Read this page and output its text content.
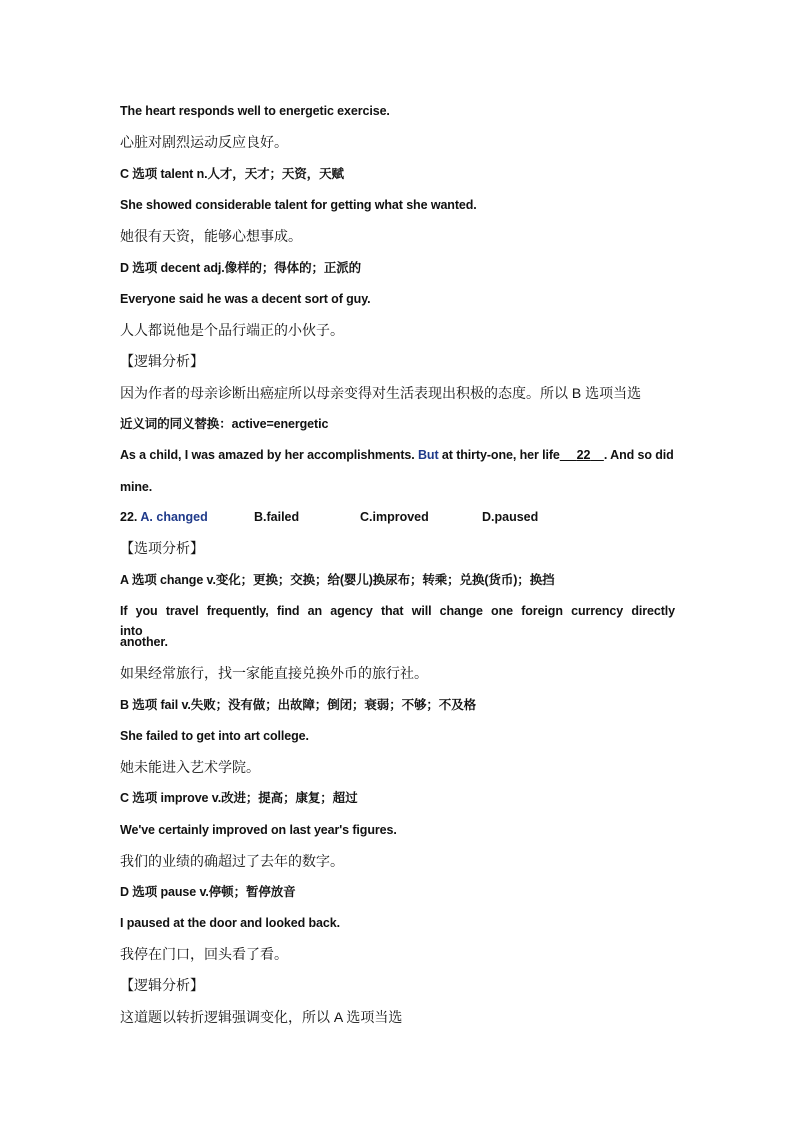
The heart responds well to energetic exercise.
心脏对剧烈运动反应良好。
C 选项 talent n.人才，天才；天资，天赋
She showed considerable talent for getting what she wanted.
她很有天资，能够心想事成。
D 选项 decent adj.像样的；得体的；正派的
Everyone said he was a decent sort of guy.
人人都说他是个品行端正的小伙子。
【逻辑分析】
因为作者的母亲诊断出癌症所以母亲变得对生活表现出积极的态度。所以 B 选项当选
近义词的同义替换：active=energetic
As a child, I was amazed by her accomplishments. But at thirty-one, her life 22 . And so did
mine.
22. A. changed	B.failed	C.improved	D.paused
【选项分析】
A 选项 change v.变化；更换；交换；给(婴儿)换尿布；转乘；兑换(货币)；换挡
If you travel frequently, find an agency that will change one foreign currency directly into
another.
如果经常旅行，找一家能直接兑换外币的旅行社。
B 选项 fail v.失败；没有做；出故障；倒闭；衰弱；不够；不及格
She failed to get into art college.
她未能进入艺术学院。
C 选项 improve v.改进；提高；康复；超过
We've certainly improved on last year's figures.
我们的业绩的确超过了去年的数字。
D 选项 pause v.停顿；暂停放音
I paused at the door and looked back.
我停在门口，回头看了看。
【逻辑分析】
这道题以转折逻辑强调变化，所以 A 选项当选
